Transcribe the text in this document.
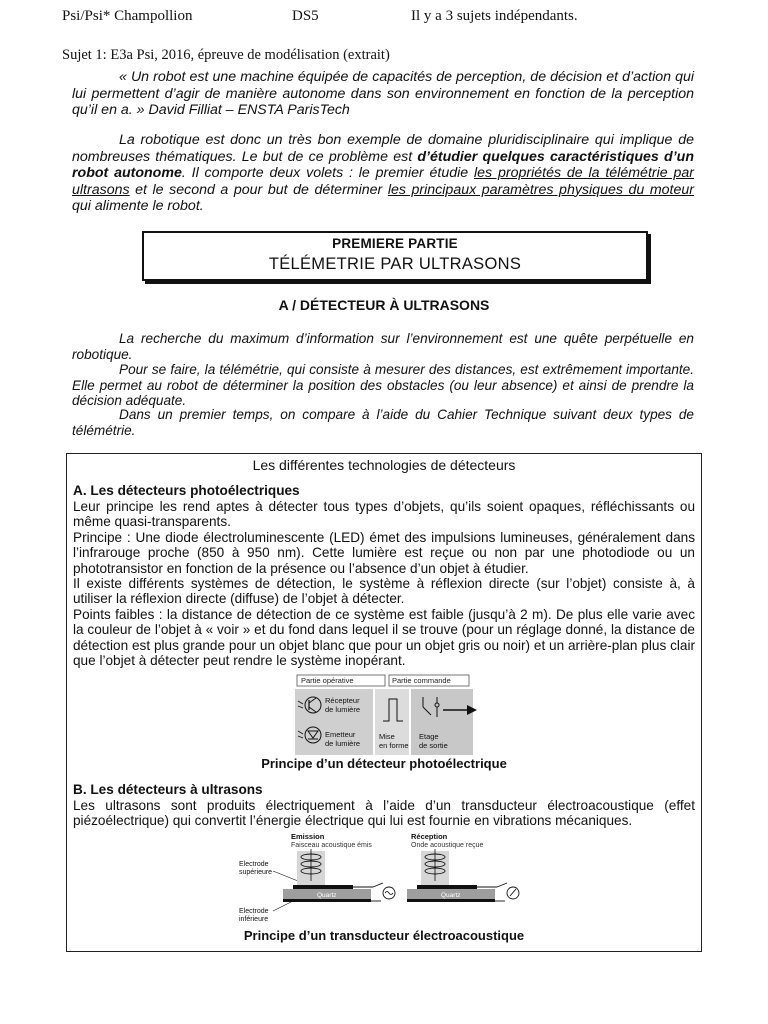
Psi/Psi* Champollion	DS5	Il y a 3 sujets indépendants.
Sujet 1: E3a Psi, 2016, épreuve de modélisation (extrait)
« Un robot est une machine équipée de capacités de perception, de décision et d’action qui lui permettent d’agir de manière autonome dans son environnement en fonction de la perception qu’il en a. » David Filliat – ENSTA ParisTech
La robotique est donc un très bon exemple de domaine pluridisciplinaire qui implique de nombreuses thématiques. Le but de ce problème est d’étudier quelques caractéristiques d’un robot autonome. Il comporte deux volets : le premier étudie les propriétés de la télémétrie par ultrasons et le second a pour but de déterminer les principaux paramètres physiques du moteur qui alimente le robot.
PREMIERE PARTIE
TÉLÉMETRIE PAR ULTRASONS
A / DÉTECTEUR À ULTRASONS
La recherche du maximum d’information sur l’environnement est une quête perpétuelle en robotique.
Pour se faire, la télémétrie, qui consiste à mesurer des distances, est extrêmement importante. Elle permet au robot de déterminer la position des obstacles (ou leur absence) et ainsi de prendre la décision adéquate.
Dans un premier temps, on compare à l’aide du Cahier Technique suivant deux types de télémétrie.
Les différentes technologies de détecteurs
A. Les détecteurs photoélectriques
Leur principe les rend aptes à détecter tous types d’objets, qu’ils soient opaques, réfléchissants ou même quasi-transparents.
Principe : Une diode électroluminescente (LED) émet des impulsions lumineuses, généralement dans l’infrarouge proche (850 à 950 nm). Cette lumière est reçue ou non par une photodiode ou un phototransistor en fonction de la présence ou l’absence d’un objet à étudier.
Il existe différents systèmes de détection, le système à réflexion directe (sur l’objet) consiste à, à utiliser la réflexion directe (diffuse) de l’objet à détecter.
Points faibles : la distance de détection de ce système est faible (jusqu’à 2 m). De plus elle varie avec la couleur de l’objet à « voir » et du fond dans lequel il se trouve (pour un réglage donné, la distance de détection est plus grande pour un objet blanc que pour un objet gris ou noir) et un arrière-plan plus clair que l’objet à détecter peut rendre le système inopérant.
Partie opérative	Partie commande
Récepteur
de lumière
Emetteur
de lumière
Mise
en forme
Etage
de sortie
Principe d’un détecteur photoélectrique
B. Les détecteurs à ultrasons
Les ultrasons sont produits électriquement à l’aide d’un transducteur électroacoustique (effet piézoélectrique) qui convertit l’énergie électrique qui lui est fournie en vibrations mécaniques.
Emission
Faisceau acoustique émis
Réception
Onde acoustique reçue
Electrode
supérieure
Electrode
inférieure
Quartz	Quartz
Principe d’un transducteur électroacoustique
